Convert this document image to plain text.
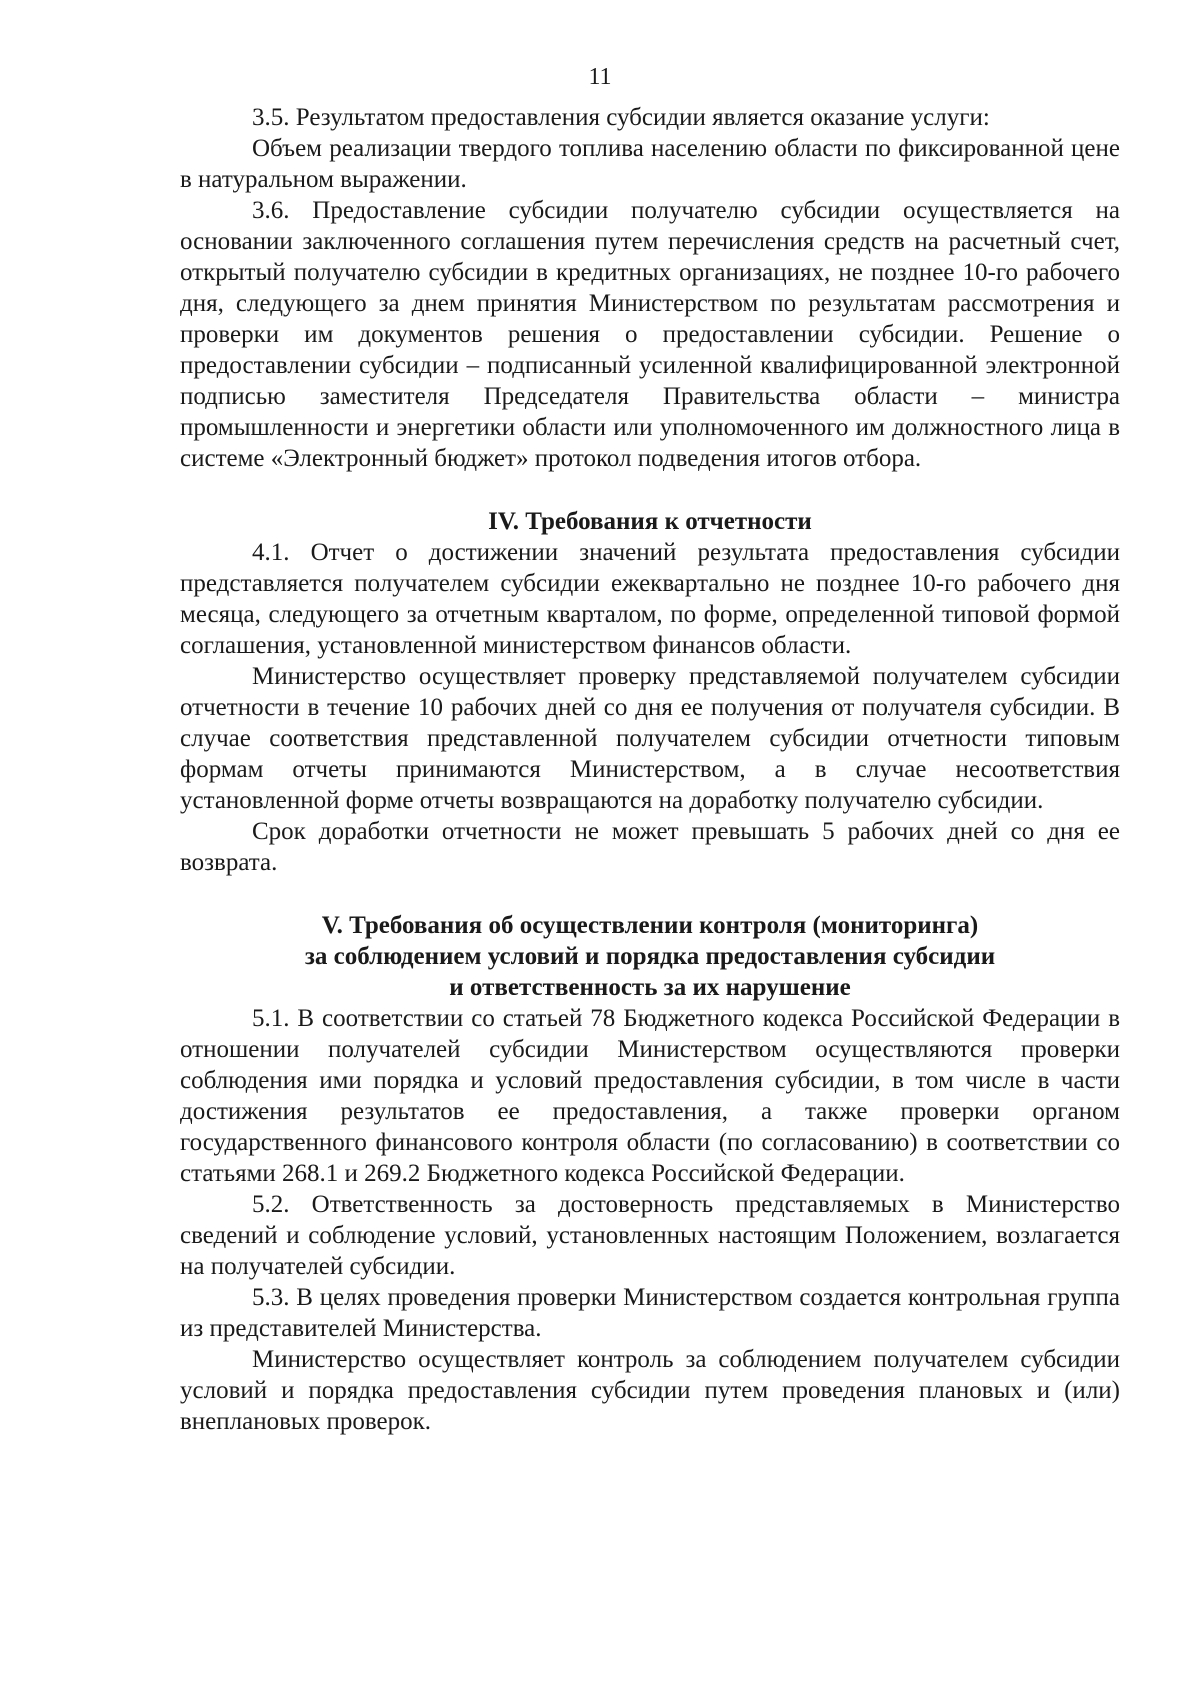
11

3.5. Результатом предоставления субсидии является оказание услуги:

Объем реализации твердого топлива населению области по фиксированной цене в натуральном выражении.

3.6. Предоставление субсидии получателю субсидии осуществляется на основании заключенного соглашения путем перечисления средств на расчетный счет, открытый получателю субсидии в кредитных организациях, не позднее 10-го рабочего дня, следующего за днем принятия Министерством по результатам рассмотрения и проверки им документов решения о предоставлении субсидии. Решение о предоставлении субсидии – подписанный усиленной квалифицированной электронной подписью заместителя Председателя Правительства области – министра промышленности и энергетики области или уполномоченного им должностного лица в системе «Электронный бюджет» протокол подведения итогов отбора.

IV. Требования к отчетности

4.1. Отчет о достижении значений результата предоставления субсидии представляется получателем субсидии ежеквартально не позднее 10-го рабочего дня месяца, следующего за отчетным кварталом, по форме, определенной типовой формой соглашения, установленной министерством финансов области.

Министерство осуществляет проверку представляемой получателем субсидии отчетности в течение 10 рабочих дней со дня ее получения от получателя субсидии. В случае соответствия представленной получателем субсидии отчетности типовым формам отчеты принимаются Министерством, а в случае несоответствия установленной форме отчеты возвращаются на доработку получателю субсидии.

Срок доработки отчетности не может превышать 5 рабочих дней со дня ее возврата.

V. Требования об осуществлении контроля (мониторинга)
за соблюдением условий и порядка предоставления субсидии
и ответственность за их нарушение

5.1. В соответствии со статьей 78 Бюджетного кодекса Российской Федерации в отношении получателей субсидии Министерством осуществляются проверки соблюдения ими порядка и условий предоставления субсидии, в том числе в части достижения результатов ее предоставления, а также проверки органом государственного финансового контроля области (по согласованию) в соответствии со статьями 268.1 и 269.2 Бюджетного кодекса Российской Федерации.

5.2. Ответственность за достоверность представляемых в Министерство сведений и соблюдение условий, установленных настоящим Положением, возлагается на получателей субсидии.

5.3. В целях проведения проверки Министерством создается контрольная группа из представителей Министерства.

Министерство осуществляет контроль за соблюдением получателем субсидии условий и порядка предоставления субсидии путем проведения плановых и (или) внеплановых проверок.
